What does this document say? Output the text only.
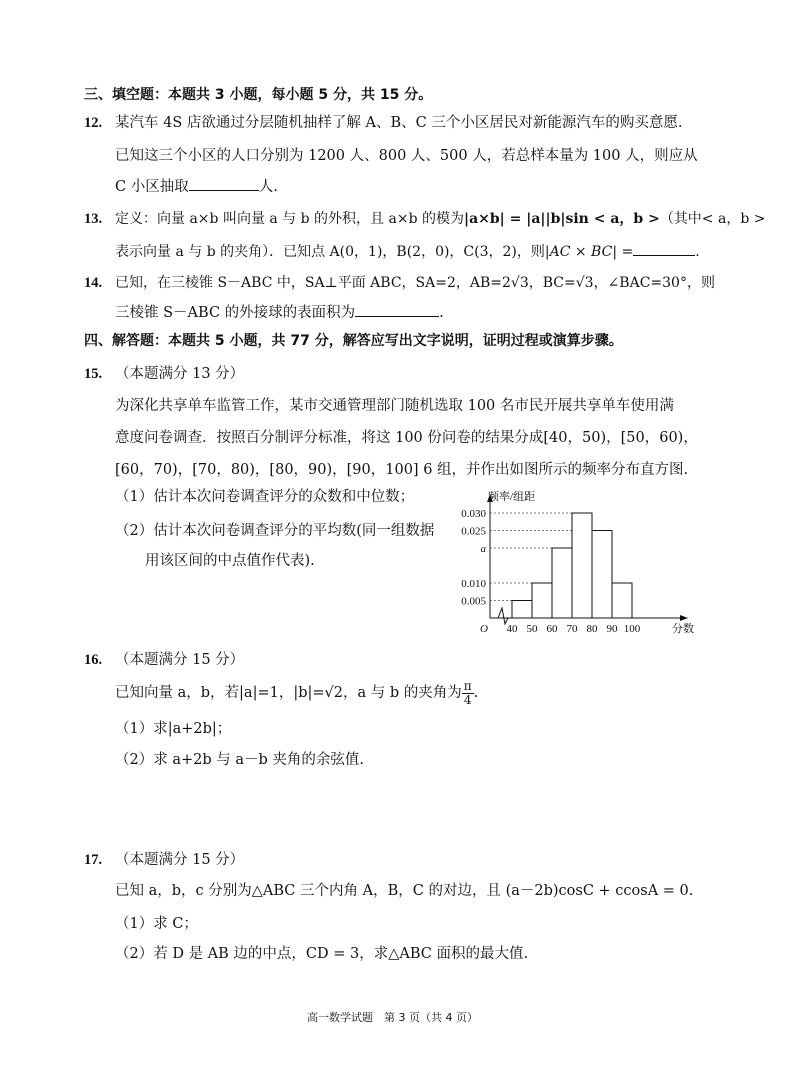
三、填空题：本题共 3 小题，每小题 5 分，共 15 分。
12. 某汽车 4S 店欲通过分层随机抽样了解 A、B、C 三个小区居民对新能源汽车的购买意愿.
已知这三个小区的人口分别为 1200 人、800 人、500 人，若总样本量为 100 人，则应从
C 小区抽取	人.
13. 定义：向量 a×b 叫向量 a 与 b 的外积，且 a×b 的模为|a×b| = |a||b|sin < a，b >（其中< a，b >
表示向量 a 与 b 的夹角）．已知点 A(0，1)，B(2，0)，C(3，2)，则|AC × BC| =	.
14. 已知，在三棱锥 S－ABC 中，SA⊥平面 ABC，SA=2，AB=2√3，BC=√3，∠BAC=30°，则
三棱锥 S－ABC 的外接球的表面积为	.
四、解答题：本题共 5 小题，共 77 分，解答应写出文字说明，证明过程或演算步骤。
15. （本题满分 13 分）
为深化共享单车监管工作，某市交通管理部门随机选取 100 名市民开展共享单车使用满
意度问卷调查．按照百分制评分标准，将这 100 份问卷的结果分成[40，50)，[50，60)，
[60，70)，[70，80)，[80，90)，[90，100] 6 组，并作出如图所示的频率分布直方图.
（1）估计本次问卷调查评分的众数和中位数；
（2）估计本次问卷调查评分的平均数(同一组数据
用该区间的中点值作代表).
0.005
0.010
a
0.025
0.030
40 50 60 70 80 90 100
O	分数
频率/组距
16. （本题满分 15 分）
已知向量 a，b，若|a|=1，|b|=√2，a 与 b 的夹角为 $\frac{\pi}{4}$ .
（1）求|a+2b|；
（2）求 a+2b 与 a－b 夹角的余弦值.
17. （本题满分 15 分）
已知 a，b，c 分别为△ABC 三个内角 A，B，C 的对边，且 (a－2b)cosC + ccosA = 0.
（1）求 C；
（2）若 D 是 AB 边的中点，CD = 3，求△ABC 面积的最大值.
高一数学试题　第 3 页（共 4 页）
